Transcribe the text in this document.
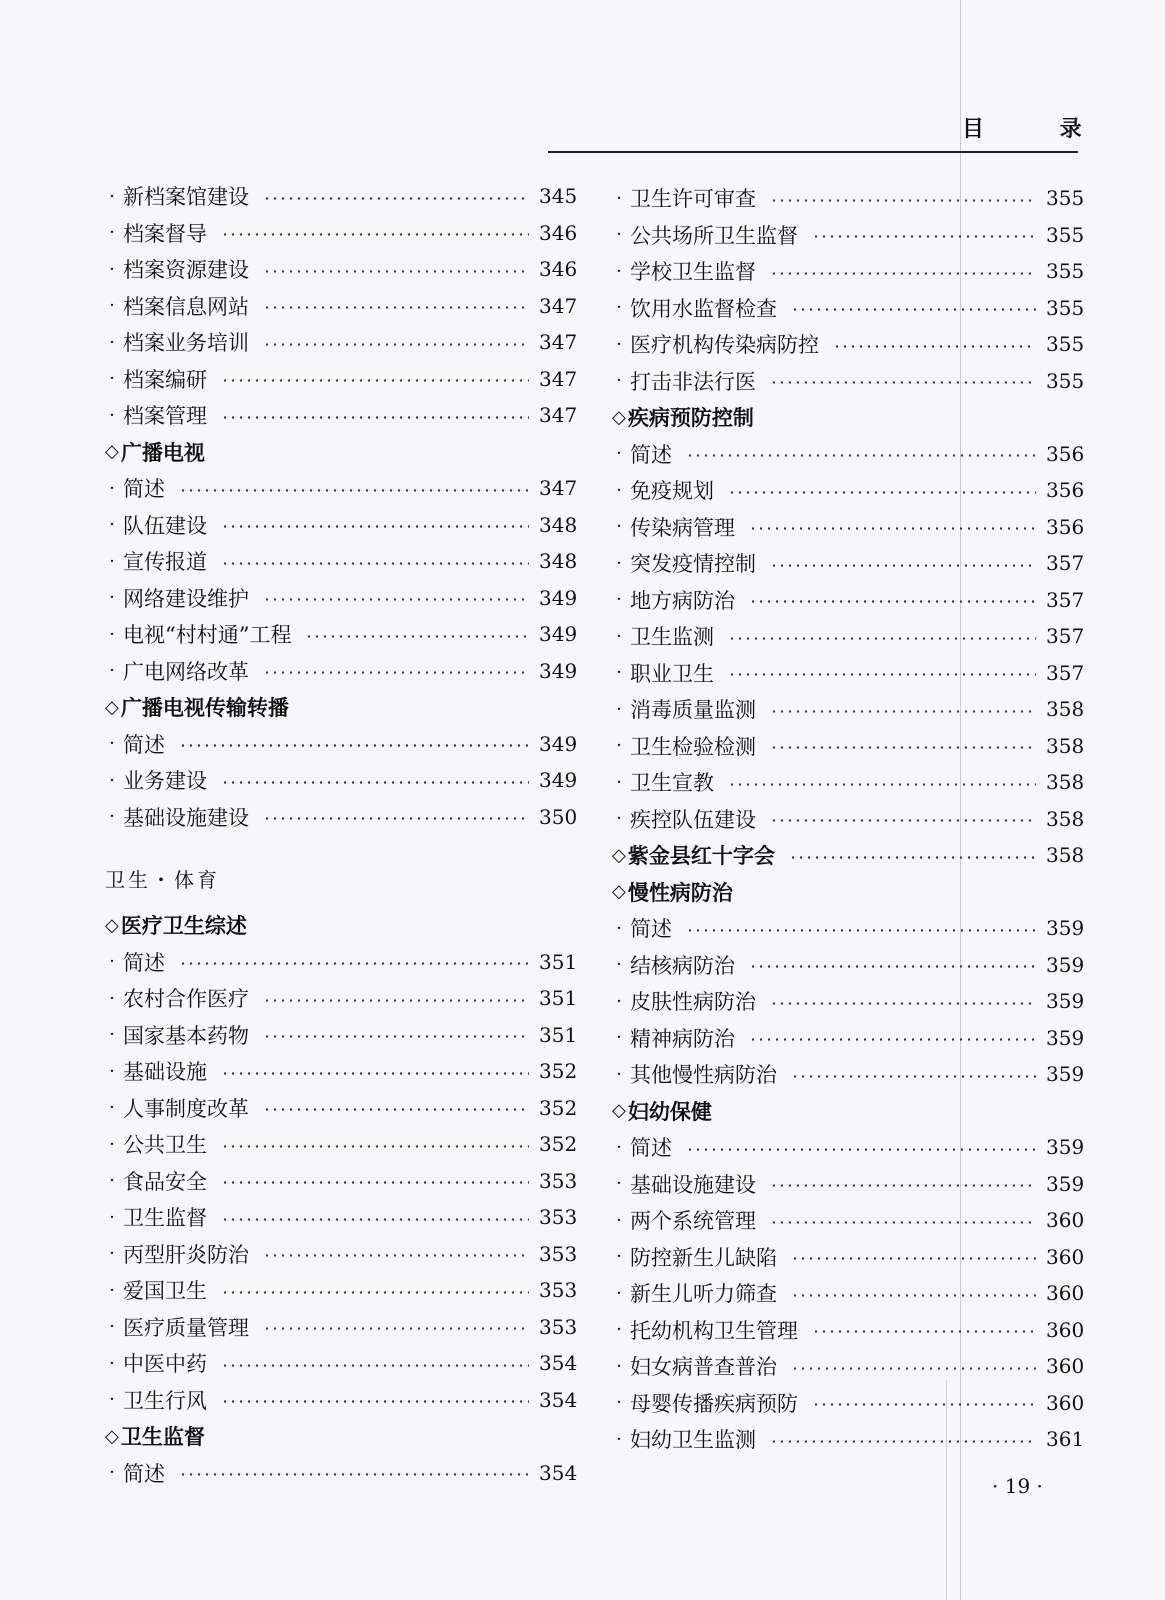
目 录
· 新档案馆建设	345
· 档案督导	346
· 档案资源建设	346
· 档案信息网站	347
· 档案业务培训	347
· 档案编研	347
· 档案管理	347
◇ 广播电视
· 简述	347
· 队伍建设	348
· 宣传报道	348
· 网络建设维护	349
· 电视“村村通”工程	349
· 广电网络改革	349
◇ 广播电视传输转播
· 简述	349
· 业务建设	349
· 基础设施建设	350
卫生・体育
◇ 医疗卫生综述
· 简述	351
· 农村合作医疗	351
· 国家基本药物	351
· 基础设施	352
· 人事制度改革	352
· 公共卫生	352
· 食品安全	353
· 卫生监督	353
· 丙型肝炎防治	353
· 爱国卫生	353
· 医疗质量管理	353
· 中医中药	354
· 卫生行风	354
◇ 卫生监督
· 简述	354
· 卫生许可审查	355
· 公共场所卫生监督	355
· 学校卫生监督	355
· 饮用水监督检查	355
· 医疗机构传染病防控	355
· 打击非法行医	355
◇ 疾病预防控制
· 简述	356
· 免疫规划	356
· 传染病管理	356
· 突发疫情控制	357
· 地方病防治	357
· 卫生监测	357
· 职业卫生	357
· 消毒质量监测	358
· 卫生检验检测	358
· 卫生宣教	358
· 疾控队伍建设	358
◇ 紫金县红十字会	358
◇ 慢性病防治
· 简述	359
· 结核病防治	359
· 皮肤性病防治	359
· 精神病防治	359
· 其他慢性病防治	359
◇ 妇幼保健
· 简述	359
· 基础设施建设	359
· 两个系统管理	360
· 防控新生儿缺陷	360
· 新生儿听力筛查	360
· 托幼机构卫生管理	360
· 妇女病普查普治	360
· 母婴传播疾病预防	360
· 妇幼卫生监测	361
· 19 ·
